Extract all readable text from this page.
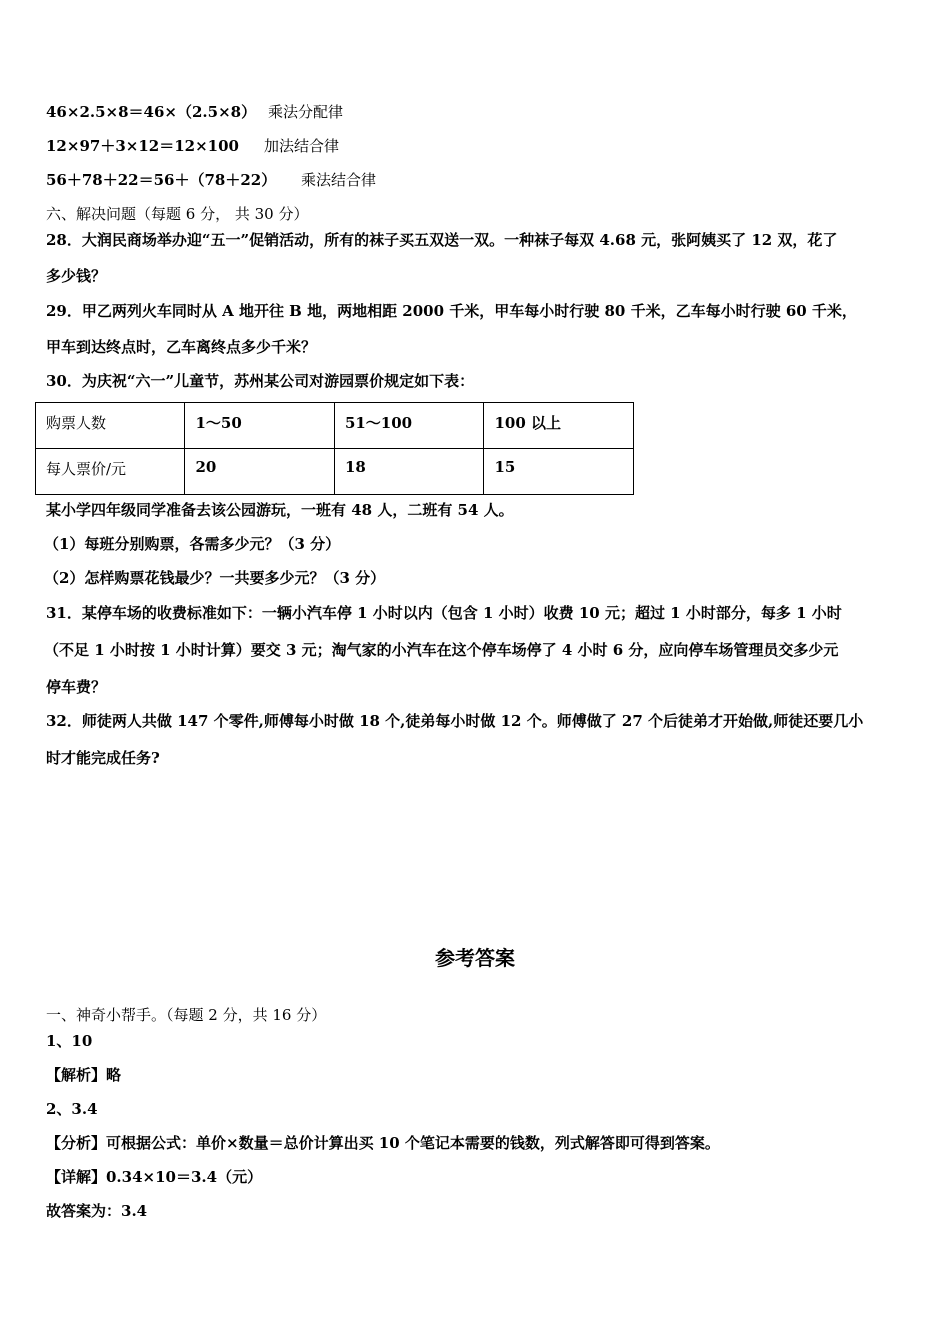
46×2.5×8＝46×（2.5×8） 乘法分配律
12×97＋3×12＝12×100 加法结合律
56＋78＋22＝56＋（78＋22） 乘法结合律
六、解决问题（每题 6 分， 共 30 分）
28．大润民商场举办迎“五一”促销活动，所有的袜子买五双送一双。一种袜子每双 4.68 元，张阿姨买了 12 双，花了
多少钱？
29．甲乙两列火车同时从 A 地开往 B 地，两地相距 2000 千米，甲车每小时行驶 80 千米，乙车每小时行驶 60 千米，
甲车到达终点时，乙车离终点多少千米？
30．为庆祝“六一”儿童节，苏州某公司对游园票价规定如下表：
购票人数	1～50	51～100	100 以上
每人票价/元	20	18	15
某小学四年级同学准备去该公园游玩，一班有 48 人，二班有 54 人。
（1）每班分别购票，各需多少元？（3 分）
（2）怎样购票花钱最少？一共要多少元？（3 分）
31．某停车场的收费标准如下：一辆小汽车停 1 小时以内（包含 1 小时）收费 10 元；超过 1 小时部分，每多 1 小时
（不足 1 小时按 1 小时计算）要交 3 元；淘气家的小汽车在这个停车场停了 4 小时 6 分，应向停车场管理员交多少元
停车费？
32．师徒两人共做 147 个零件,师傅每小时做 18 个,徒弟每小时做 12 个。师傅做了 27 个后徒弟才开始做,师徒还要几小
时才能完成任务?
参考答案
一、神奇小帮手。（每题 2 分，共 16 分）
1、10
【解析】略
2、3.4
【分析】可根据公式：单价×数量＝总价计算出买 10 个笔记本需要的钱数，列式解答即可得到答案。
【详解】0.34×10＝3.4（元）
故答案为：3.4
